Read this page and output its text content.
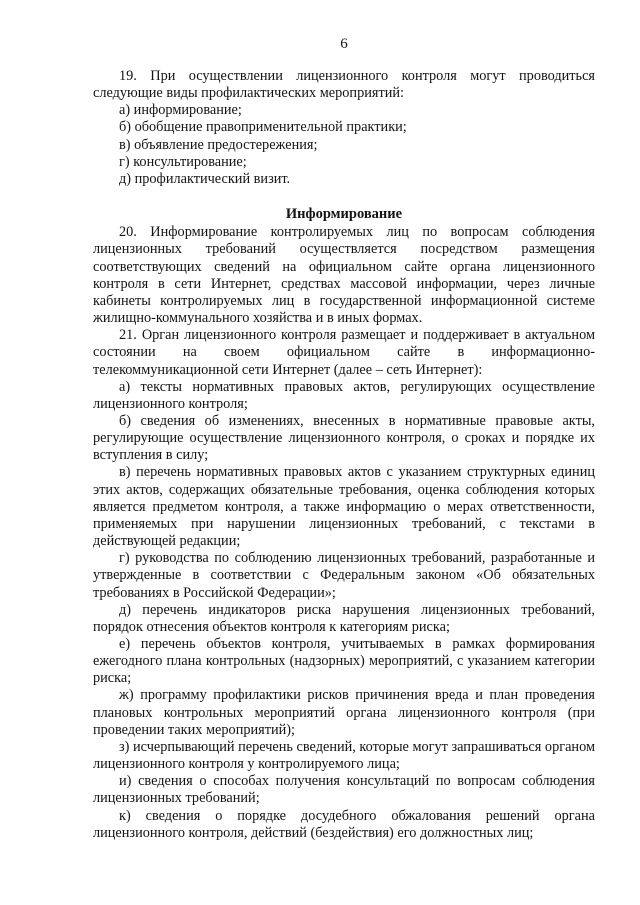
6

19. При осуществлении лицензионного контроля могут проводиться следующие виды профилактических мероприятий:

а) информирование;

б) обобщение правоприменительной практики;

в) объявление предостережения;

г) консультирование;

д) профилактический визит.

Информирование

20. Информирование контролируемых лиц по вопросам соблюдения лицензионных требований осуществляется посредством размещения соответствующих сведений на официальном сайте органа лицензионного контроля в сети Интернет, средствах массовой информации, через личные кабинеты контролируемых лиц в государственной информационной системе жилищно-коммунального хозяйства и в иных формах.

21. Орган лицензионного контроля размещает и поддерживает в актуальном состоянии на своем официальном сайте в информационно-телекоммуникационной сети Интернет (далее – сеть Интернет):

а) тексты нормативных правовых актов, регулирующих осуществление лицензионного контроля;

б) сведения об изменениях, внесенных в нормативные правовые акты, регулирующие осуществление лицензионного контроля, о сроках и порядке их вступления в силу;

в) перечень нормативных правовых актов с указанием структурных единиц этих актов, содержащих обязательные требования, оценка соблюдения которых является предметом контроля, а также информацию о мерах ответственности, применяемых при нарушении лицензионных требований, с текстами в действующей редакции;

г) руководства по соблюдению лицензионных требований, разработанные и утвержденные в соответствии с Федеральным законом «Об обязательных требованиях в Российской Федерации»;

д) перечень индикаторов риска нарушения лицензионных требований, порядок отнесения объектов контроля к категориям риска;

е) перечень объектов контроля, учитываемых в рамках формирования ежегодного плана контрольных (надзорных) мероприятий, с указанием категории риска;

ж) программу профилактики рисков причинения вреда и план проведения плановых контрольных мероприятий органа лицензионного контроля (при проведении таких мероприятий);

з) исчерпывающий перечень сведений, которые могут запрашиваться органом лицензионного контроля у контролируемого лица;

и) сведения о способах получения консультаций по вопросам соблюдения лицензионных требований;

к) сведения о порядке досудебного обжалования решений органа лицензионного контроля, действий (бездействия) его должностных лиц;
